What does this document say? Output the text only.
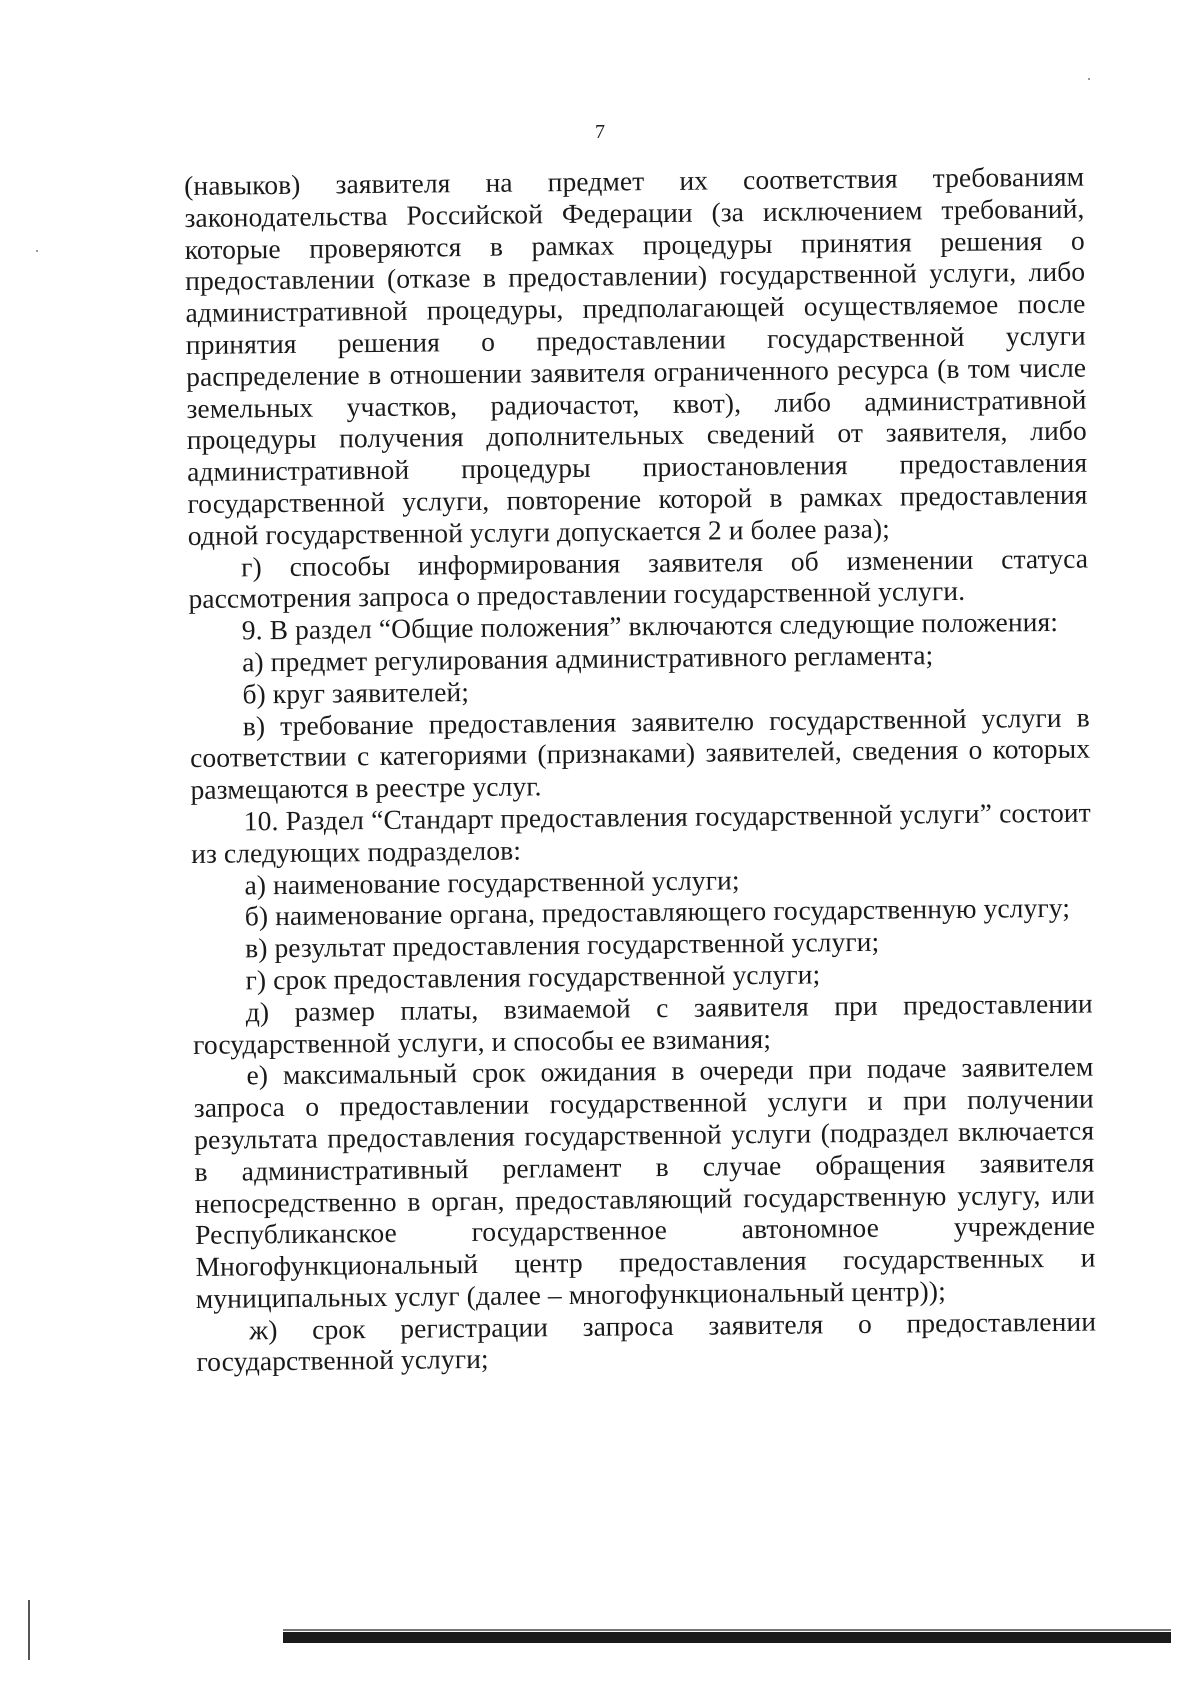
7

(навыков) заявителя на предмет их соответствия требованиям законодательства Российской Федерации (за исключением требований, которые проверяются в рамках процедуры принятия решения о предоставлении (отказе в предоставлении) государственной услуги, либо административной процедуры, предполагающей осуществляемое после принятия решения о предоставлении государственной услуги распределение в отношении заявителя ограниченного ресурса (в том числе земельных участков, радиочастот, квот), либо административной процедуры получения дополнительных сведений от заявителя, либо административной процедуры приостановления предоставления государственной услуги, повторение которой в рамках предоставления одной государственной услуги допускается 2 и более раза);

г) способы информирования заявителя об изменении статуса рассмотрения запроса о предоставлении государственной услуги.

9. В раздел “Общие положения” включаются следующие положения:

а) предмет регулирования административного регламента;

б) круг заявителей;

в) требование предоставления заявителю государственной услуги в соответствии с категориями (признаками) заявителей, сведения о которых размещаются в реестре услуг.

10. Раздел “Стандарт предоставления государственной услуги” состоит из следующих подразделов:

а) наименование государственной услуги;

б) наименование органа, предоставляющего государственную услугу;

в) результат предоставления государственной услуги;

г) срок предоставления государственной услуги;

д) размер платы, взимаемой с заявителя при предоставлении государственной услуги, и способы ее взимания;

е) максимальный срок ожидания в очереди при подаче заявителем запроса о предоставлении государственной услуги и при получении результата предоставления государственной услуги (подраздел включается в административный регламент в случае обращения заявителя непосредственно в орган, предоставляющий государственную услугу, или Республиканское государственное автономное учреждение Многофункциональный центр предоставления государственных и муниципальных услуг (далее – многофункциональный центр));

ж) срок регистрации запроса заявителя о предоставлении государственной услуги;
